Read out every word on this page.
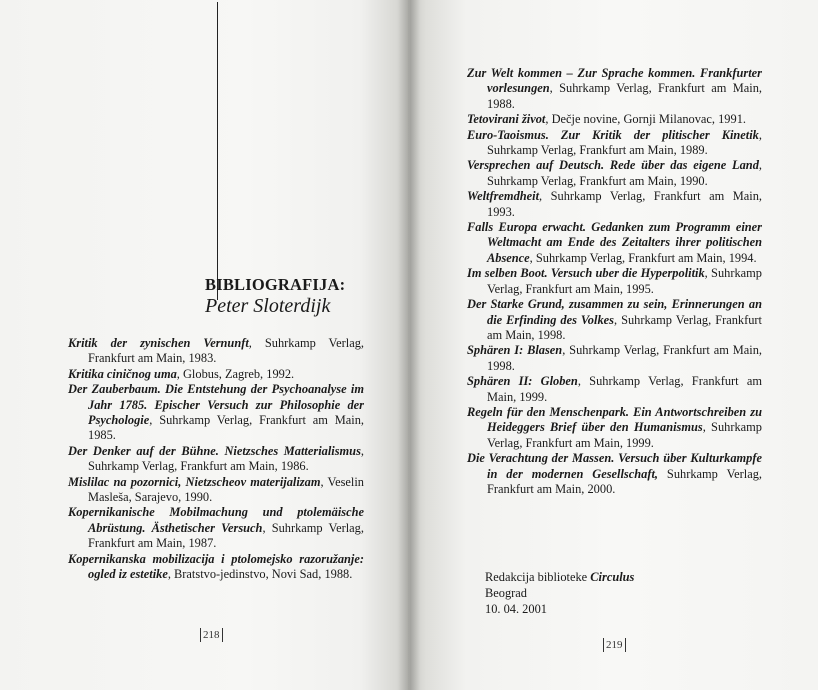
BIBLIOGRAFIJA:
Peter Sloterdijk
Kritik der zynischen Vernunft, Suhrkamp Verlag, Frankfurt am Main, 1983.
Kritika ciničnog uma, Globus, Zagreb, 1992.
Der Zauberbaum. Die Entstehung der Psychoanalyse im Jahr 1785. Epischer Versuch zur Philosophie der Psychologie, Suhrkamp Verlag, Frankfurt am Main, 1985.
Der Denker auf der Bühne. Nietzsches Matterialismus, Suhrkamp Verlag, Frankfurt am Main, 1986.
Mislilac na pozornici, Nietzscheov materijalizam, Veselin Masleša, Sarajevo, 1990.
Kopernikanische Mobilmachung und ptolemäische Abrüstung. Ästhetischer Versuch, Suhrkamp Verlag, Frankfurt am Main, 1987.
Kopernikanska mobilizacija i ptolomejsko razoružanje: ogled iz estetike, Bratstvo-jedinstvo, Novi Sad, 1988.
218
Zur Welt kommen – Zur Sprache kommen. Frankfurter vorlesungen, Suhrkamp Verlag, Frankfurt am Main, 1988.
Tetovirani život, Dečje novine, Gornji Milanovac, 1991.
Euro-Taoismus. Zur Kritik der plitischer Kinetik, Suhrkamp Verlag, Frankfurt am Main, 1989.
Versprechen auf Deutsch. Rede über das eigene Land, Suhrkamp Verlag, Frankfurt am Main, 1990.
Weltfremdheit, Suhrkamp Verlag, Frankfurt am Main, 1993.
Falls Europa erwacht. Gedanken zum Programm einer Weltmacht am Ende des Zeitalters ihrer politischen Absence, Suhrkamp Verlag, Frankfurt am Main, 1994.
Im selben Boot. Versuch uber die Hyperpolitik, Suhrkamp Verlag, Frankfurt am Main, 1995.
Der Starke Grund, zusammen zu sein, Erinnerungen an die Erfinding des Volkes, Suhrkamp Verlag, Frankfurt am Main, 1998.
Sphären I: Blasen, Suhrkamp Verlag, Frankfurt am Main, 1998.
Sphären II: Globen, Suhrkamp Verlag, Frankfurt am Main, 1999.
Regeln für den Menschenpark. Ein Antwortschreiben zu Heideggers Brief über den Humanismus, Suhrkamp Verlag, Frankfurt am Main, 1999.
Die Verachtung der Massen. Versuch über Kulturkampfe in der modernen Gesellschaft, Suhrkamp Verlag, Frankfurt am Main, 2000.
Redakcija biblioteke Circulus
Beograd
10. 04. 2001
219
